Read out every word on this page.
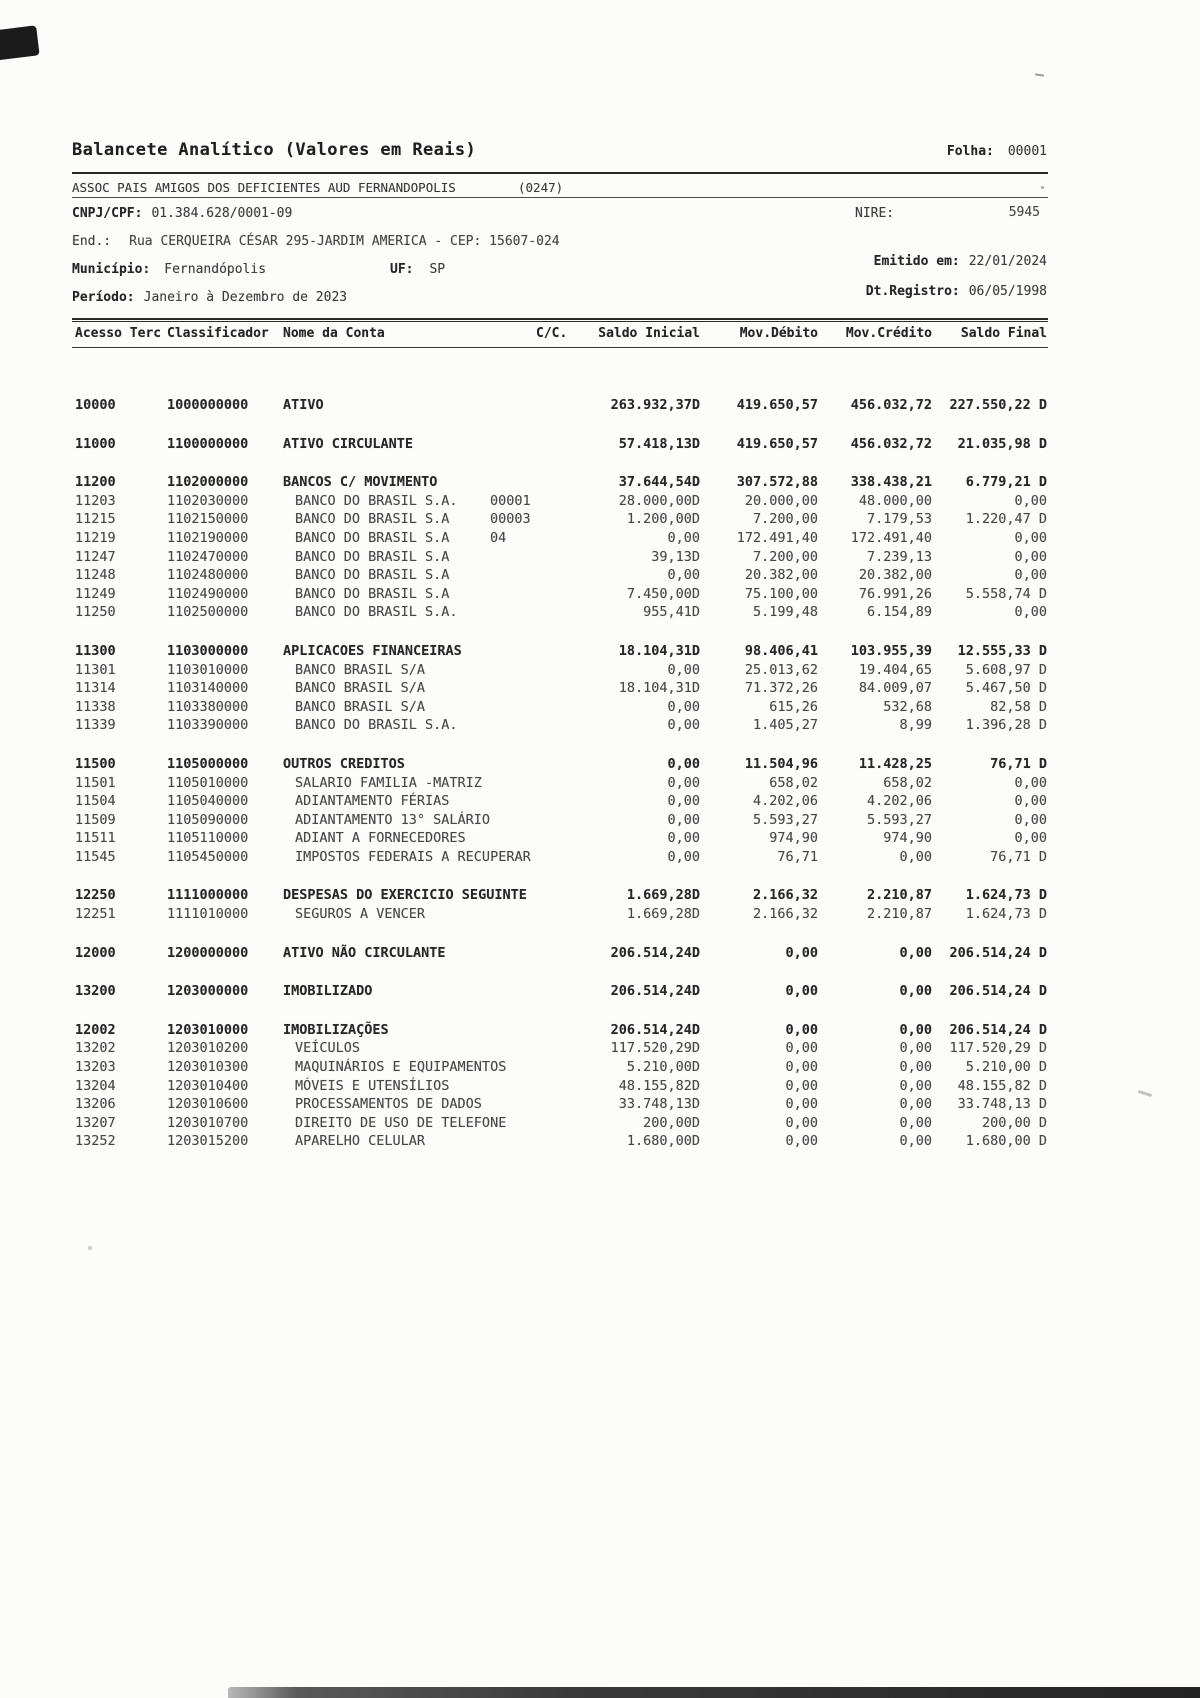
Balancete Analítico (Valores em Reais)	Folha: 00001
ASSOC PAIS AMIGOS DOS DEFICIENTES AUD FERNANDOPOLIS	(0247)
CNPJ/CPF: 01.384.628/0001-09	NIRE:	5945
End.: Rua CERQUEIRA CÉSAR 295-JARDIM AMERICA - CEP: 15607-024
Município: Fernandópolis	UF: SP
Emitido em: 22/01/2024
Período: Janeiro à Dezembro de 2023	Dt.Registro: 06/05/1998
Acesso Terc Classificador	Nome da Conta	C/C.	Saldo Inicial	Mov.Débito	Mov.Crédito	Saldo Final
10000	1000000000	ATIVO	263.932,37D	419.650,57	456.032,72	227.550,22 D
11000	1100000000	ATIVO CIRCULANTE	57.418,13D	419.650,57	456.032,72	21.035,98 D
11200	1102000000	BANCOS C/ MOVIMENTO	37.644,54D	307.572,88	338.438,21	6.779,21 D
11203	1102030000	BANCO DO BRASIL S.A.	00001	28.000,00D	20.000,00	48.000,00	0,00
11215	1102150000	BANCO DO BRASIL S.A	00003	1.200,00D	7.200,00	7.179,53	1.220,47 D
11219	1102190000	BANCO DO BRASIL S.A	04	0,00	172.491,40	172.491,40	0,00
11247	1102470000	BANCO DO BRASIL S.A	39,13D	7.200,00	7.239,13	0,00
11248	1102480000	BANCO DO BRASIL S.A	0,00	20.382,00	20.382,00	0,00
11249	1102490000	BANCO DO BRASIL S.A	7.450,00D	75.100,00	76.991,26	5.558,74 D
11250	1102500000	BANCO DO BRASIL S.A.	955,41D	5.199,48	6.154,89	0,00
11300	1103000000	APLICACOES FINANCEIRAS	18.104,31D	98.406,41	103.955,39	12.555,33 D
11301	1103010000	BANCO BRASIL S/A	0,00	25.013,62	19.404,65	5.608,97 D
11314	1103140000	BANCO BRASIL S/A	18.104,31D	71.372,26	84.009,07	5.467,50 D
11338	1103380000	BANCO BRASIL S/A	0,00	615,26	532,68	82,58 D
11339	1103390000	BANCO DO BRASIL S.A.	0,00	1.405,27	8,99	1.396,28 D
11500	1105000000	OUTROS CREDITOS	0,00	11.504,96	11.428,25	76,71 D
11501	1105010000	SALARIO FAMILIA -MATRIZ	0,00	658,02	658,02	0,00
11504	1105040000	ADIANTAMENTO FÉRIAS	0,00	4.202,06	4.202,06	0,00
11509	1105090000	ADIANTAMENTO 13° SALÁRIO	0,00	5.593,27	5.593,27	0,00
11511	1105110000	ADIANT A FORNECEDORES	0,00	974,90	974,90	0,00
11545	1105450000	IMPOSTOS FEDERAIS A RECUPERAR	0,00	76,71	0,00	76,71 D
12250	1111000000	DESPESAS DO EXERCICIO SEGUINTE	1.669,28D	2.166,32	2.210,87	1.624,73 D
12251	1111010000	SEGUROS A VENCER	1.669,28D	2.166,32	2.210,87	1.624,73 D
12000	1200000000	ATIVO NÃO CIRCULANTE	206.514,24D	0,00	0,00	206.514,24 D
13200	1203000000	IMOBILIZADO	206.514,24D	0,00	0,00	206.514,24 D
12002	1203010000	IMOBILIZAÇÕES	206.514,24D	0,00	0,00	206.514,24 D
13202	1203010200	VEÍCULOS	117.520,29D	0,00	0,00	117.520,29 D
13203	1203010300	MAQUINÁRIOS E EQUIPAMENTOS	5.210,00D	0,00	0,00	5.210,00 D
13204	1203010400	MÓVEIS E UTENSÍLIOS	48.155,82D	0,00	0,00	48.155,82 D
13206	1203010600	PROCESSAMENTOS DE DADOS	33.748,13D	0,00	0,00	33.748,13 D
13207	1203010700	DIREITO DE USO DE TELEFONE	200,00D	0,00	0,00	200,00 D
13252	1203015200	APARELHO CELULAR	1.680,00D	0,00	0,00	1.680,00 D
